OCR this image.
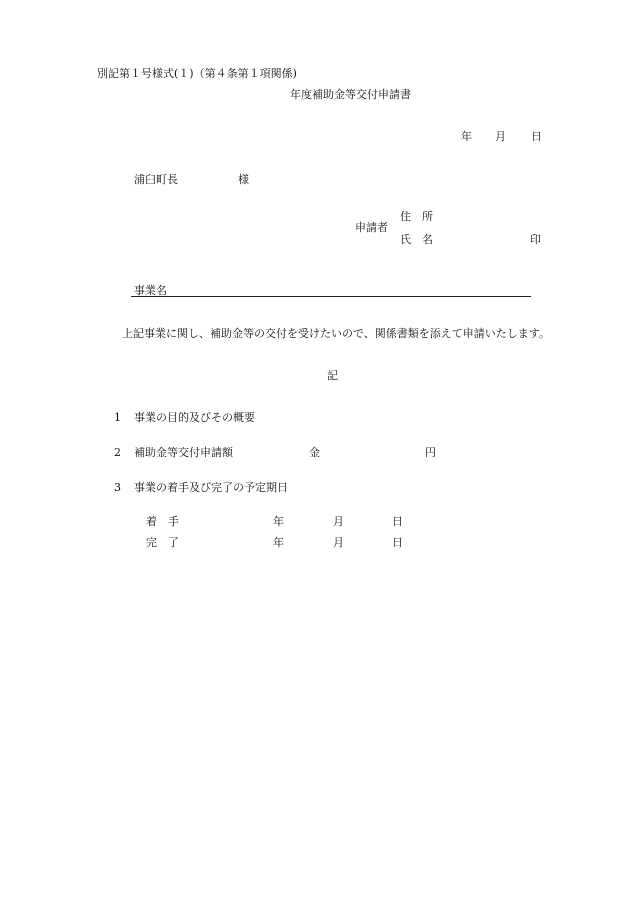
別記第１号様式(１)（第４条第１項関係)
年度補助金等交付申請書
年 月 日
浦臼町長	様
申請者
住　所
氏　名	印
事業名
上記事業に関し、補助金等の交付を受けたいので、関係書類を添えて申請いたします。
記
1 事業の目的及びその概要
2 補助金等交付申請額	金	円
3 事業の着手及び完了の予定期日
着　手	年	月	日
完　了	年	月	日
